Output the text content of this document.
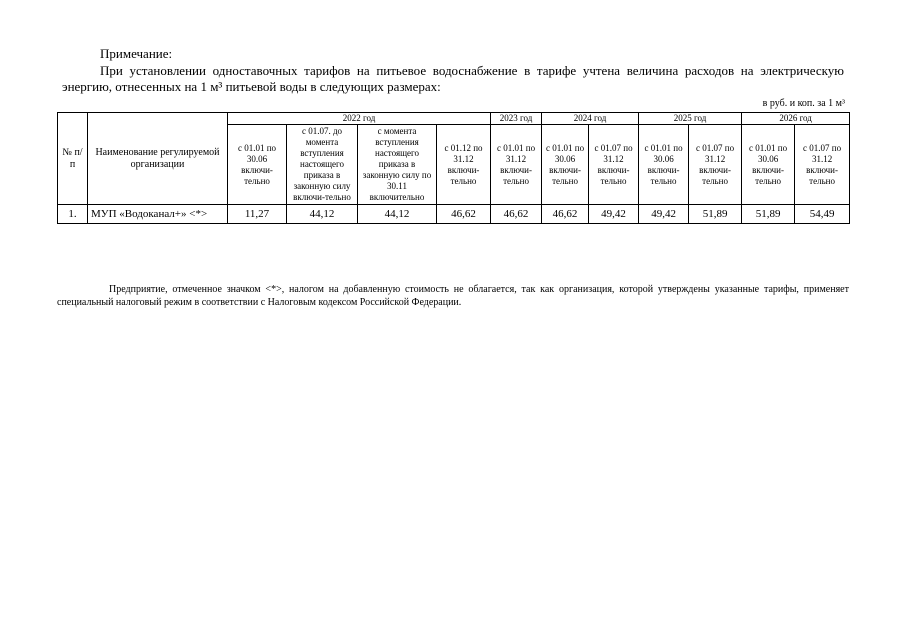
Примечание:

При установлении одноставочных тарифов на питьевое водоснабжение в тарифе учтена величина расходов на электрическую энергию, отнесенных на 1 м³ питьевой воды в следующих размерах:

в руб. и коп. за 1 м³

№ п/п	Наименование регулируемой организации	2022 год				2023 год	2024 год		2025 год		2026 год	
		с 01.01 по 30.06 включи-тельно	с 01.07. до момента вступления настоящего приказа в законную силу включи-тельно	с момента вступления настоящего приказа в законную силу по 30.11 включительно	с 01.12 по 31.12 включи-тельно	с 01.01 по 31.12 включи-тельно	с 01.01 по 30.06 включи-тельно	с 01.07 по 31.12 включи-тельно	с 01.01 по 30.06 включи-тельно	с 01.07 по 31.12 включи-тельно	с 01.01 по 30.06 включи-тельно	с 01.07 по 31.12 включи-тельно
1.	МУП «Водоканал+» <*>	11,27	44,12	44,12	46,62	46,62	46,62	49,42	49,42	51,89	51,89	54,49

Предприятие, отмеченное значком <*>, налогом на добавленную стоимость не облагается, так как организация, которой утверждены указанные тарифы, применяет специальный налоговый режим в соответствии с Налоговым кодексом Российской Федерации.
